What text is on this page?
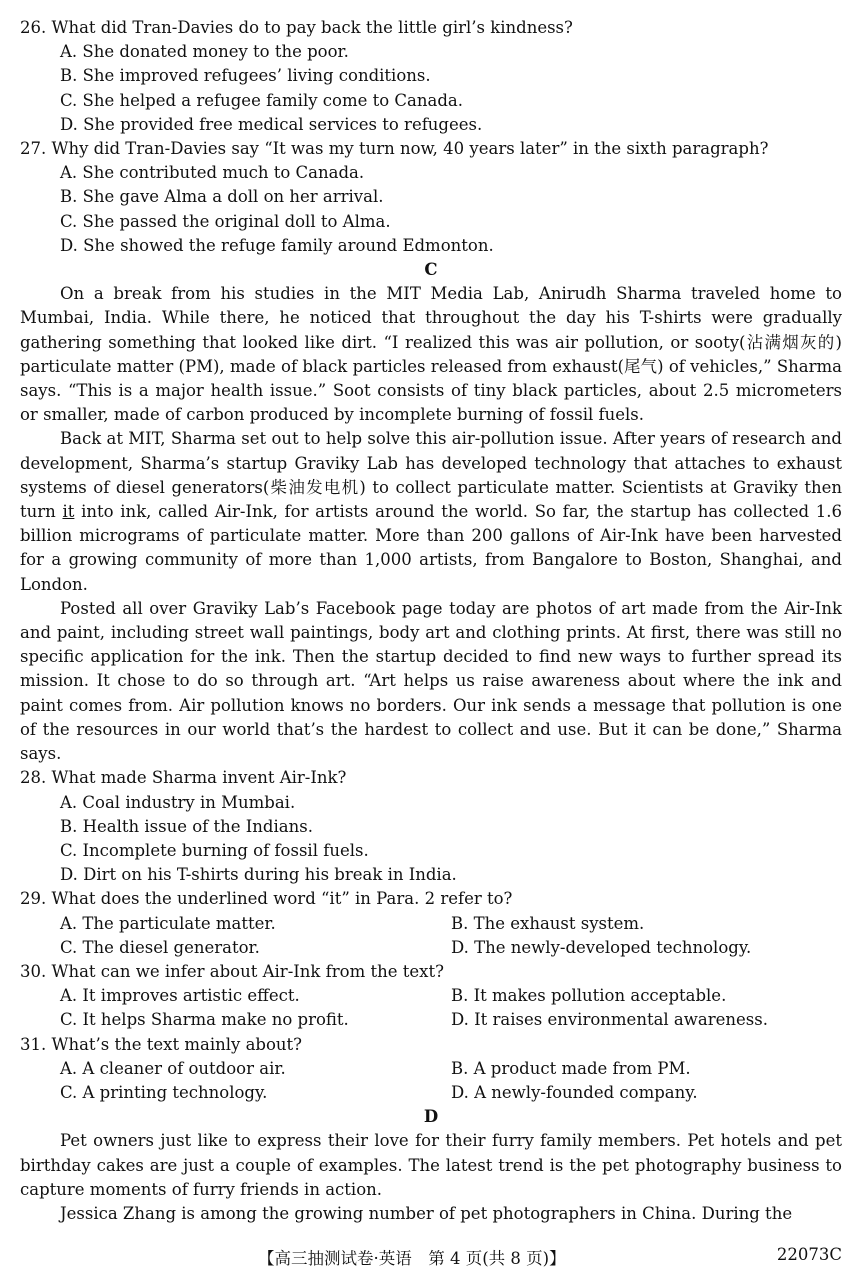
26. What did Tran-Davies do to pay back the little girl’s kindness?

A. She donated money to the poor.

B. She improved refugees’ living conditions.

C. She helped a refugee family come to Canada.

D. She provided free medical services to refugees.

27. Why did Tran-Davies say “It was my turn now, 40 years later” in the sixth paragraph?

A. She contributed much to Canada.

B. She gave Alma a doll on her arrival.

C. She passed the original doll to Alma.

D. She showed the refuge family around Edmonton.

C

On a break from his studies in the MIT Media Lab, Anirudh Sharma traveled home to Mumbai, India. While there, he noticed that throughout the day his T-shirts were gradually gathering something that looked like dirt. “I realized this was air pollution, or sooty(沾满烟灰的) particulate matter (PM), made of black particles released from exhaust(尾气) of vehicles,” Sharma says. “This is a major health issue.” Soot consists of tiny black particles, about 2.5 micrometers or smaller, made of carbon produced by incomplete burning of fossil fuels.

Back at MIT, Sharma set out to help solve this air-pollution issue. After years of research and development, Sharma’s startup Graviky Lab has developed technology that attaches to exhaust systems of diesel generators(柴油发电机) to collect particulate matter. Scientists at Graviky then turn it into ink, called Air-Ink, for artists around the world. So far, the startup has collected 1.6 billion micrograms of particulate matter. More than 200 gallons of Air-Ink have been harvested for a growing community of more than 1,000 artists, from Bangalore to Boston, Shanghai, and London.

Posted all over Graviky Lab’s Facebook page today are photos of art made from the Air-Ink and paint, including street wall paintings, body art and clothing prints. At first, there was still no specific application for the ink. Then the startup decided to find new ways to further spread its mission. It chose to do so through art. “Art helps us raise awareness about where the ink and paint comes from. Air pollution knows no borders. Our ink sends a message that pollution is one of the resources in our world that’s the hardest to collect and use. But it can be done,” Sharma says.

28. What made Sharma invent Air-Ink?

A. Coal industry in Mumbai.

B. Health issue of the Indians.

C. Incomplete burning of fossil fuels.

D. Dirt on his T-shirts during his break in India.

29. What does the underlined word “it” in Para. 2 refer to?

A. The particulate matter.	B. The exhaust system.
C. The diesel generator.	D. The newly-developed technology.

30. What can we infer about Air-Ink from the text?

A. It improves artistic effect.	B. It makes pollution acceptable.
C. It helps Sharma make no profit.	D. It raises environmental awareness.

31. What’s the text mainly about?

A. A cleaner of outdoor air.	B. A product made from PM.
C. A printing technology.	D. A newly-founded company.

D

Pet owners just like to express their love for their furry family members. Pet hotels and pet birthday cakes are just a couple of examples. The latest trend is the pet photography business to capture moments of furry friends in action.

Jessica Zhang is among the growing number of pet photographers in China. During the

【高三抽测试卷·英语　第 4 页(共 8 页)】	22073C
